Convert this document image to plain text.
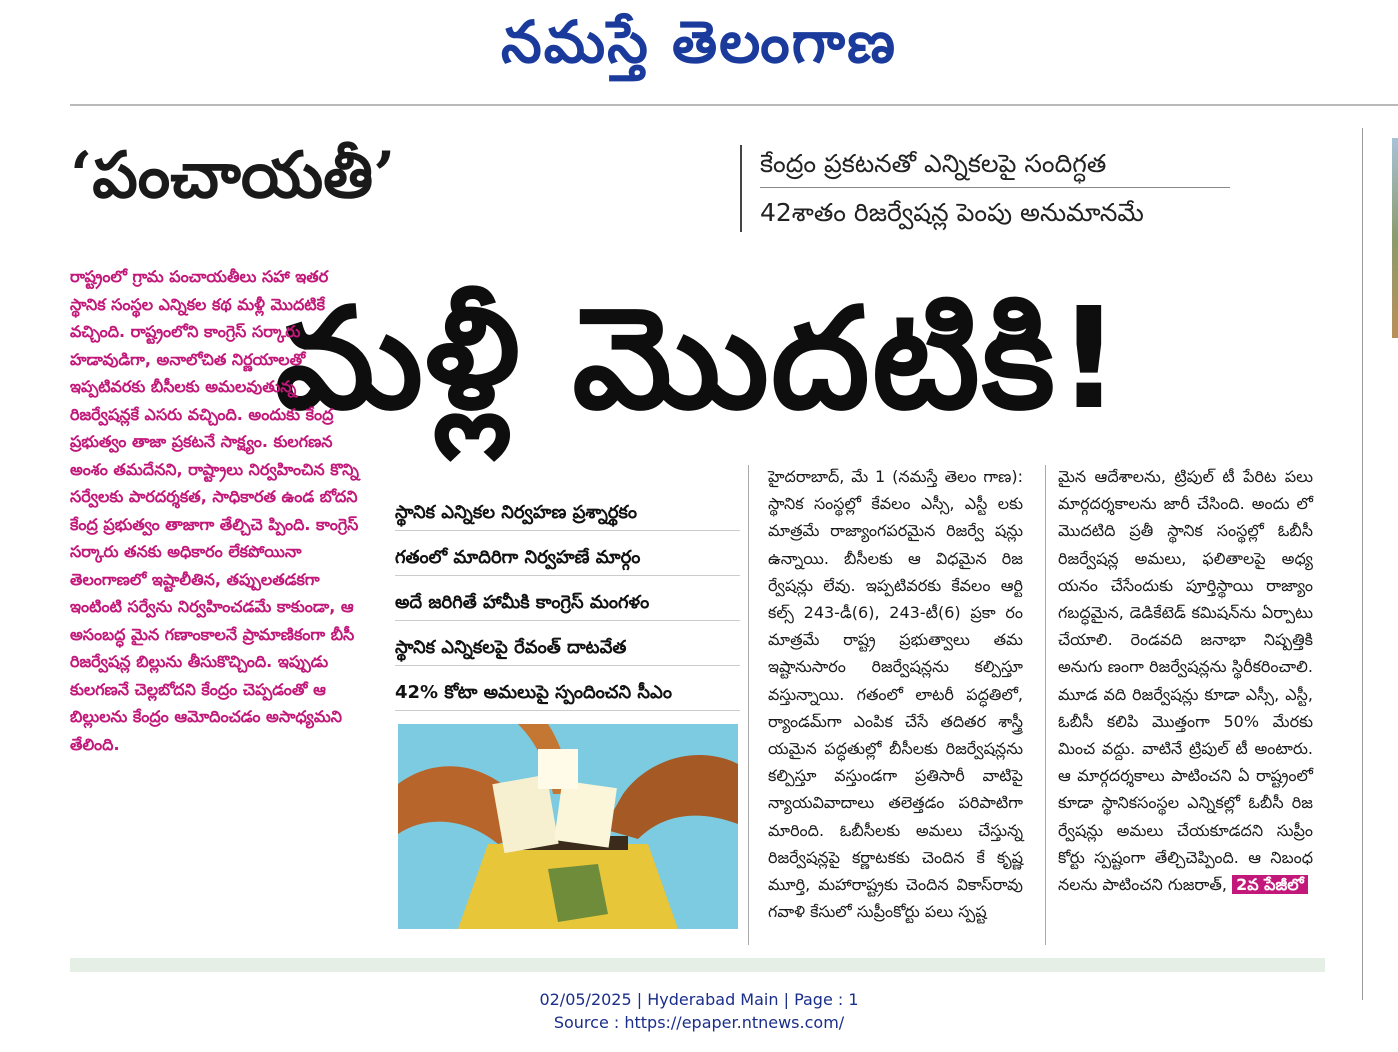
నమస్తే తెలంగాణ
‘పంచాయతీ’	కేంద్రం ప్రకటనతో ఎన్నికలపై సందిగ్ధత
42శాతం రిజర్వేషన్ల పెంపు అనుమానమే
మళ్లీ మొదటికి!
రాష్ట్రంలో గ్రామ పంచాయతీలు సహా ఇతర స్థానిక సంస్థల ఎన్నికల కథ మళ్లీ మొదటికే వచ్చింది. రాష్ట్రంలోని కాంగ్రెస్ సర్కారు హడావుడిగా, అనాలోచిత నిర్ణయాలతో ఇప్పటివరకు బీసీలకు అమలవుతున్న రిజర్వేషన్లకే ఎసరు వచ్చింది. అందుకు కేంద్ర ప్రభుత్వం తాజా ప్రకటనే సాక్ష్యం. కులగణన అంశం తమదేనని, రాష్ట్రాలు నిర్వహించిన కొన్ని సర్వేలకు పారదర్శకత, సాధికారత ఉండ బోదని కేంద్ర ప్రభుత్వం తాజాగా తేల్చిచె ప్పింది. కాంగ్రెస్ సర్కారు తనకు అధికారం లేకపోయినా తెలంగాణలో ఇష్టాలీతిన, తప్పులతడకగా ఇంటింటి సర్వేను నిర్వహించడమే కాకుండా, ఆ అసంబద్ధ మైన గణాంకాలనే ప్రామాణికంగా బీసీ రిజర్వేషన్ల బిల్లును తీసుకొచ్చింది. ఇప్పుడు కులగణనే చెల్లబోదని కేంద్రం చెప్పడంతో ఆ బిల్లులను కేంద్రం ఆమోదించడం అసాధ్యమని తేలింది.
స్థానిక ఎన్నికల నిర్వహణ ప్రశ్నార్థకం
గతంలో మాదిరిగా నిర్వహణే మార్గం
అదే జరిగితే హామీకి కాంగ్రెస్ మంగళం
స్థానిక ఎన్నికలపై రేవంత్ దాటవేత
42% కోటా అమలుపై స్పందించని సీఎం
హైదరాబాద్, మే 1 (నమస్తే తెలం గాణ): స్థానిక సంస్థల్లో కేవలం ఎస్సీ, ఎస్టీ లకు మాత్రమే రాజ్యాంగపరమైన రిజర్వే షన్లు ఉన్నాయి. బీసీలకు ఆ విధమైన రిజ ర్వేషన్లు లేవు. ఇప్పటివరకు కేవలం ఆర్టి కల్స్ 243-డీ(6), 243-టీ(6) ప్రకా రం మాత్రమే రాష్ట్ర ప్రభుత్వాలు తమ ఇష్టానుసారం రిజర్వేషన్లను కల్పిస్తూ వస్తున్నాయి. గతంలో లాటరీ పద్ధతిలో, ర్యాండమ్‌గా ఎంపిక చేసే తదితర శాస్త్రీ యమైన పద్ధతుల్లో బీసీలకు రిజర్వేషన్లను కల్పిస్తూ వస్తుండగా ప్రతిసారీ వాటిపై న్యాయవివాదాలు తలెత్తడం పరిపాటిగా మారింది. ఓబీసీలకు అమలు చేస్తున్న రిజర్వేషన్లపై కర్ణాటకకు చెందిన కే కృష్ణ మూర్తి, మహారాష్ట్రకు చెందిన వికాస్‌రావు గవాళి కేసులో సుప్రీంకోర్టు పలు స్పష్ట
మైన ఆదేశాలను, ట్రిపుల్ టీ పేరిట పలు మార్గదర్శకాలను జారీ చేసింది. అందు లో మొదటిది ప్రతీ స్థానిక సంస్థల్లో ఓబీసీ రిజర్వేషన్ల అమలు, ఫలితాలపై అధ్య యనం చేసేందుకు పూర్తిస్థాయి రాజ్యాం గబద్ధమైన, డెడికేటెడ్ కమిషన్‌ను ఏర్పాటు చేయాలి. రెండవది జనాభా నిష్పత్తికి అనుగు ణంగా రిజర్వేషన్లను స్థిరీకరించాలి. మూడ వది రిజర్వేషన్లు కూడా ఎస్సీ, ఎస్టీ, ఓబీసీ కలిపి మొత్తంగా 50% మేరకు మించ వద్దు. వాటినే ట్రిపుల్ టీ అంటారు. ఆ మార్గదర్శకాలు పాటించని ఏ రాష్ట్రంలో కూడా స్థానికసంస్థల ఎన్నికల్లో ఓబీసీ రిజ ర్వేషన్లు అమలు చేయకూడదని సుప్రీం కోర్టు స్పష్టంగా తేల్చిచెప్పింది. ఆ నిబంధ నలను పాటించని గుజరాత్, 2వ పేజీలో
02/05/2025 | Hyderabad Main | Page : 1
Source : https://epaper.ntnews.com/
